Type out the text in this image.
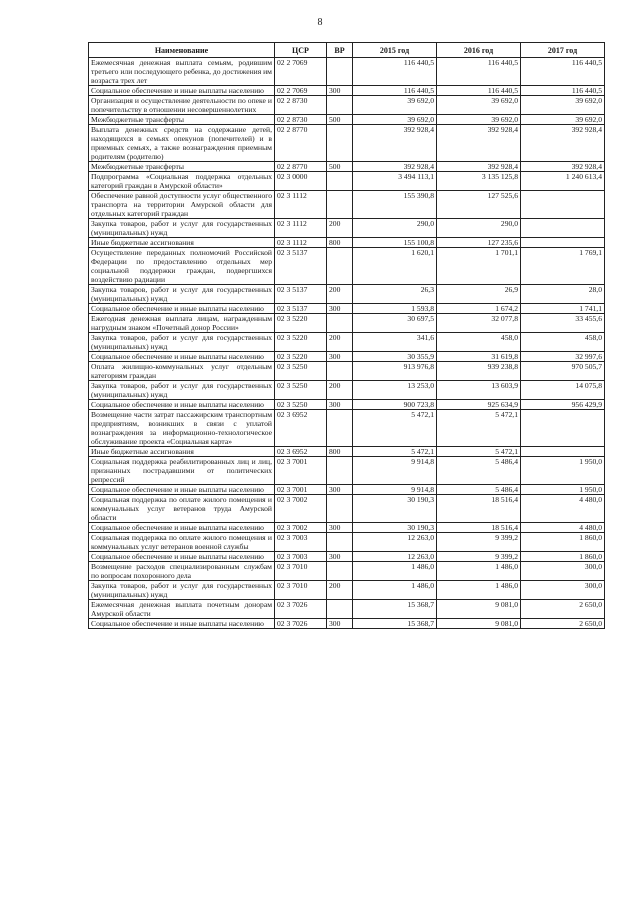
8
Наименование	ЦСР	ВР	2015 год	2016 год	2017 год
Ежемесячная денежная выплата семьям, родившим третьего или последующего ребенка, до достижения им возраста трех лет	02 2 7069		116 440,5	116 440,5	116 440,5
Социальное обеспечение и иные выплаты населению	02 2 7069	300	116 440,5	116 440,5	116 440,5
Организация и осуществление деятельности по опеке и попечительству в отношении несовершеннолетних	02 2 8730		39 692,0	39 692,0	39 692,0
Межбюджетные трансферты	02 2 8730	500	39 692,0	39 692,0	39 692,0
Выплата денежных средств на содержание детей, находящихся в семьях опекунов (попечителей) и в приемных семьях, а также вознаграждения приемным родителям (родителю)	02 2 8770		392 928,4	392 928,4	392 928,4
Межбюджетные трансферты	02 2 8770	500	392 928,4	392 928,4	392 928,4
Подпрограмма «Социальная поддержка отдельных категорий граждан в Амурской области»	02 3 0000		3 494 113,1	3 135 125,8	1 240 613,4
Обеспечение равной доступности услуг общественного транспорта на территории Амурской области для отдельных категорий граждан	02 3 1112		155 390,8	127 525,6	
Закупка товаров, работ и услуг для государственных (муниципальных) нужд	02 3 1112	200	290,0	290,0	
Иные бюджетные ассигнования	02 3 1112	800	155 100,8	127 235,6	
Осуществление переданных полномочий Российской Федерации по предоставлению отдельных мер социальной поддержки граждан, подвергшихся воздействию радиации	02 3 5137		1 620,1	1 701,1	1 769,1
Закупка товаров, работ и услуг для государственных (муниципальных) нужд	02 3 5137	200	26,3	26,9	28,0
Социальное обеспечение и иные выплаты населению	02 3 5137	300	1 593,8	1 674,2	1 741,1
Ежегодная денежная выплата лицам, награжденным нагрудным знаком «Почетный донор России»	02 3 5220		30 697,5	32 077,8	33 455,6
Закупка товаров, работ и услуг для государственных (муниципальных) нужд	02 3 5220	200	341,6	458,0	458,0
Социальное обеспечение и иные выплаты населению	02 3 5220	300	30 355,9	31 619,8	32 997,6
Оплата жилищно-коммунальных услуг отдельным категориям граждан	02 3 5250		913 976,8	939 238,8	970 505,7
Закупка товаров, работ и услуг для государственных (муниципальных) нужд	02 3 5250	200	13 253,0	13 603,9	14 075,8
Социальное обеспечение и иные выплаты населению	02 3 5250	300	900 723,8	925 634,9	956 429,9
Возмещение части затрат пассажирским транспортным предприятиям, возникших в связи с уплатой вознаграждения за информационно-технологическое обслуживание проекта «Социальная карта»	02 3 6952		5 472,1	5 472,1	
Иные бюджетные ассигнования	02 3 6952	800	5 472,1	5 472,1	
Социальная поддержка реабилитированных лиц и лиц, признанных пострадавшими от политических репрессий	02 3 7001		9 914,8	5 486,4	1 950,0
Социальное обеспечение и иные выплаты населению	02 3 7001	300	9 914,8	5 486,4	1 950,0
Социальная поддержка по оплате жилого помещения и коммунальных услуг ветеранов труда Амурской области	02 3 7002		30 190,3	18 516,4	4 480,0
Социальное обеспечение и иные выплаты населению	02 3 7002	300	30 190,3	18 516,4	4 480,0
Социальная поддержка по оплате жилого помещения и коммунальных услуг ветеранов военной службы	02 3 7003		12 263,0	9 399,2	1 860,0
Социальное обеспечение и иные выплаты населению	02 3 7003	300	12 263,0	9 399,2	1 860,0
Возмещение расходов специализированным службам по вопросам похоронного дела	02 3 7010		1 486,0	1 486,0	300,0
Закупка товаров, работ и услуг для государственных (муниципальных) нужд	02 3 7010	200	1 486,0	1 486,0	300,0
Ежемесячная денежная выплата почетным донорам Амурской области	02 3 7026		15 368,7	9 081,0	2 650,0
Социальное обеспечение и иные выплаты населению	02 3 7026	300	15 368,7	9 081,0	2 650,0
